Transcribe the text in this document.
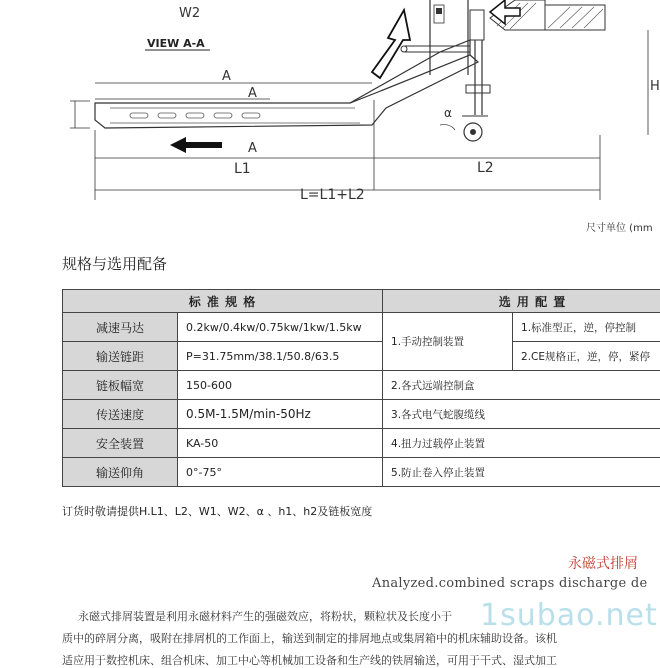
W2
VIEW A-A
A
A
A
α
H
L1	L2
L=L1+L2
尺寸单位 (mm
规格与选用配备
标 准 规 格		选 用 配 置	
减速马达	0.2kw/0.4kw/0.75kw/1kw/1.5kw	1.手动控制装置	1.标准型正，逆，停控制
输送链距	P=31.75mm/38.1/50.8/63.5		2.CE规格正，逆，停，紧停
链板幅宽	150-600	2.各式远端控制盒	
传送速度	0.5M-1.5M/min-50Hz	3.各式电气蛇腹缆线	
安全装置	KA-50	4.扭力过载停止装置	
输送仰角	0°-75°	5.防止卷入停止装置	
订货时敬请提供H.L1、L2、W1、W2、α 、h1、h2及链板宽度
永磁式排屑
Analyzed.combined scraps discharge de
永磁式排屑装置是利用永磁材料产生的强磁效应，将粉状，颗粒状及长度小于
质中的碎屑分离，吸附在排屑机的工作面上，输送到制定的排屑地点或集屑箱中的机床辅助设备。该机
适应用于数控机床、组合机床、加工中心等机械加工设备和生产线的铁屑输送，可用于干式、湿式加工
1subao.net
